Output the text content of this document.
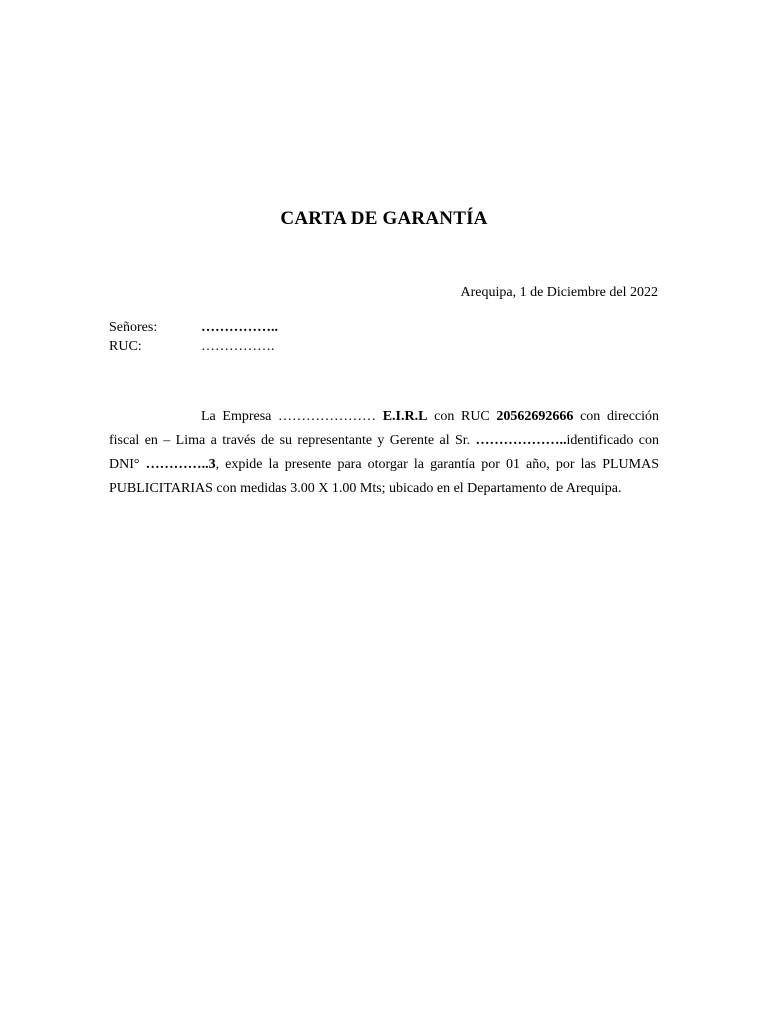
CARTA DE GARANTÍA
Arequipa, 1 de Diciembre del 2022
Señores:	……………..
RUC:	…………….

La Empresa ………………… E.I.R.L con RUC 20562692666 con dirección fiscal en – Lima a través de su representante y Gerente al Sr. ………………..identificado con DNI° …………..3, expide la presente para otorgar la garantía por 01 año, por las PLUMAS PUBLICITARIAS con medidas 3.00 X 1.00 Mts; ubicado en el Departamento de Arequipa.
